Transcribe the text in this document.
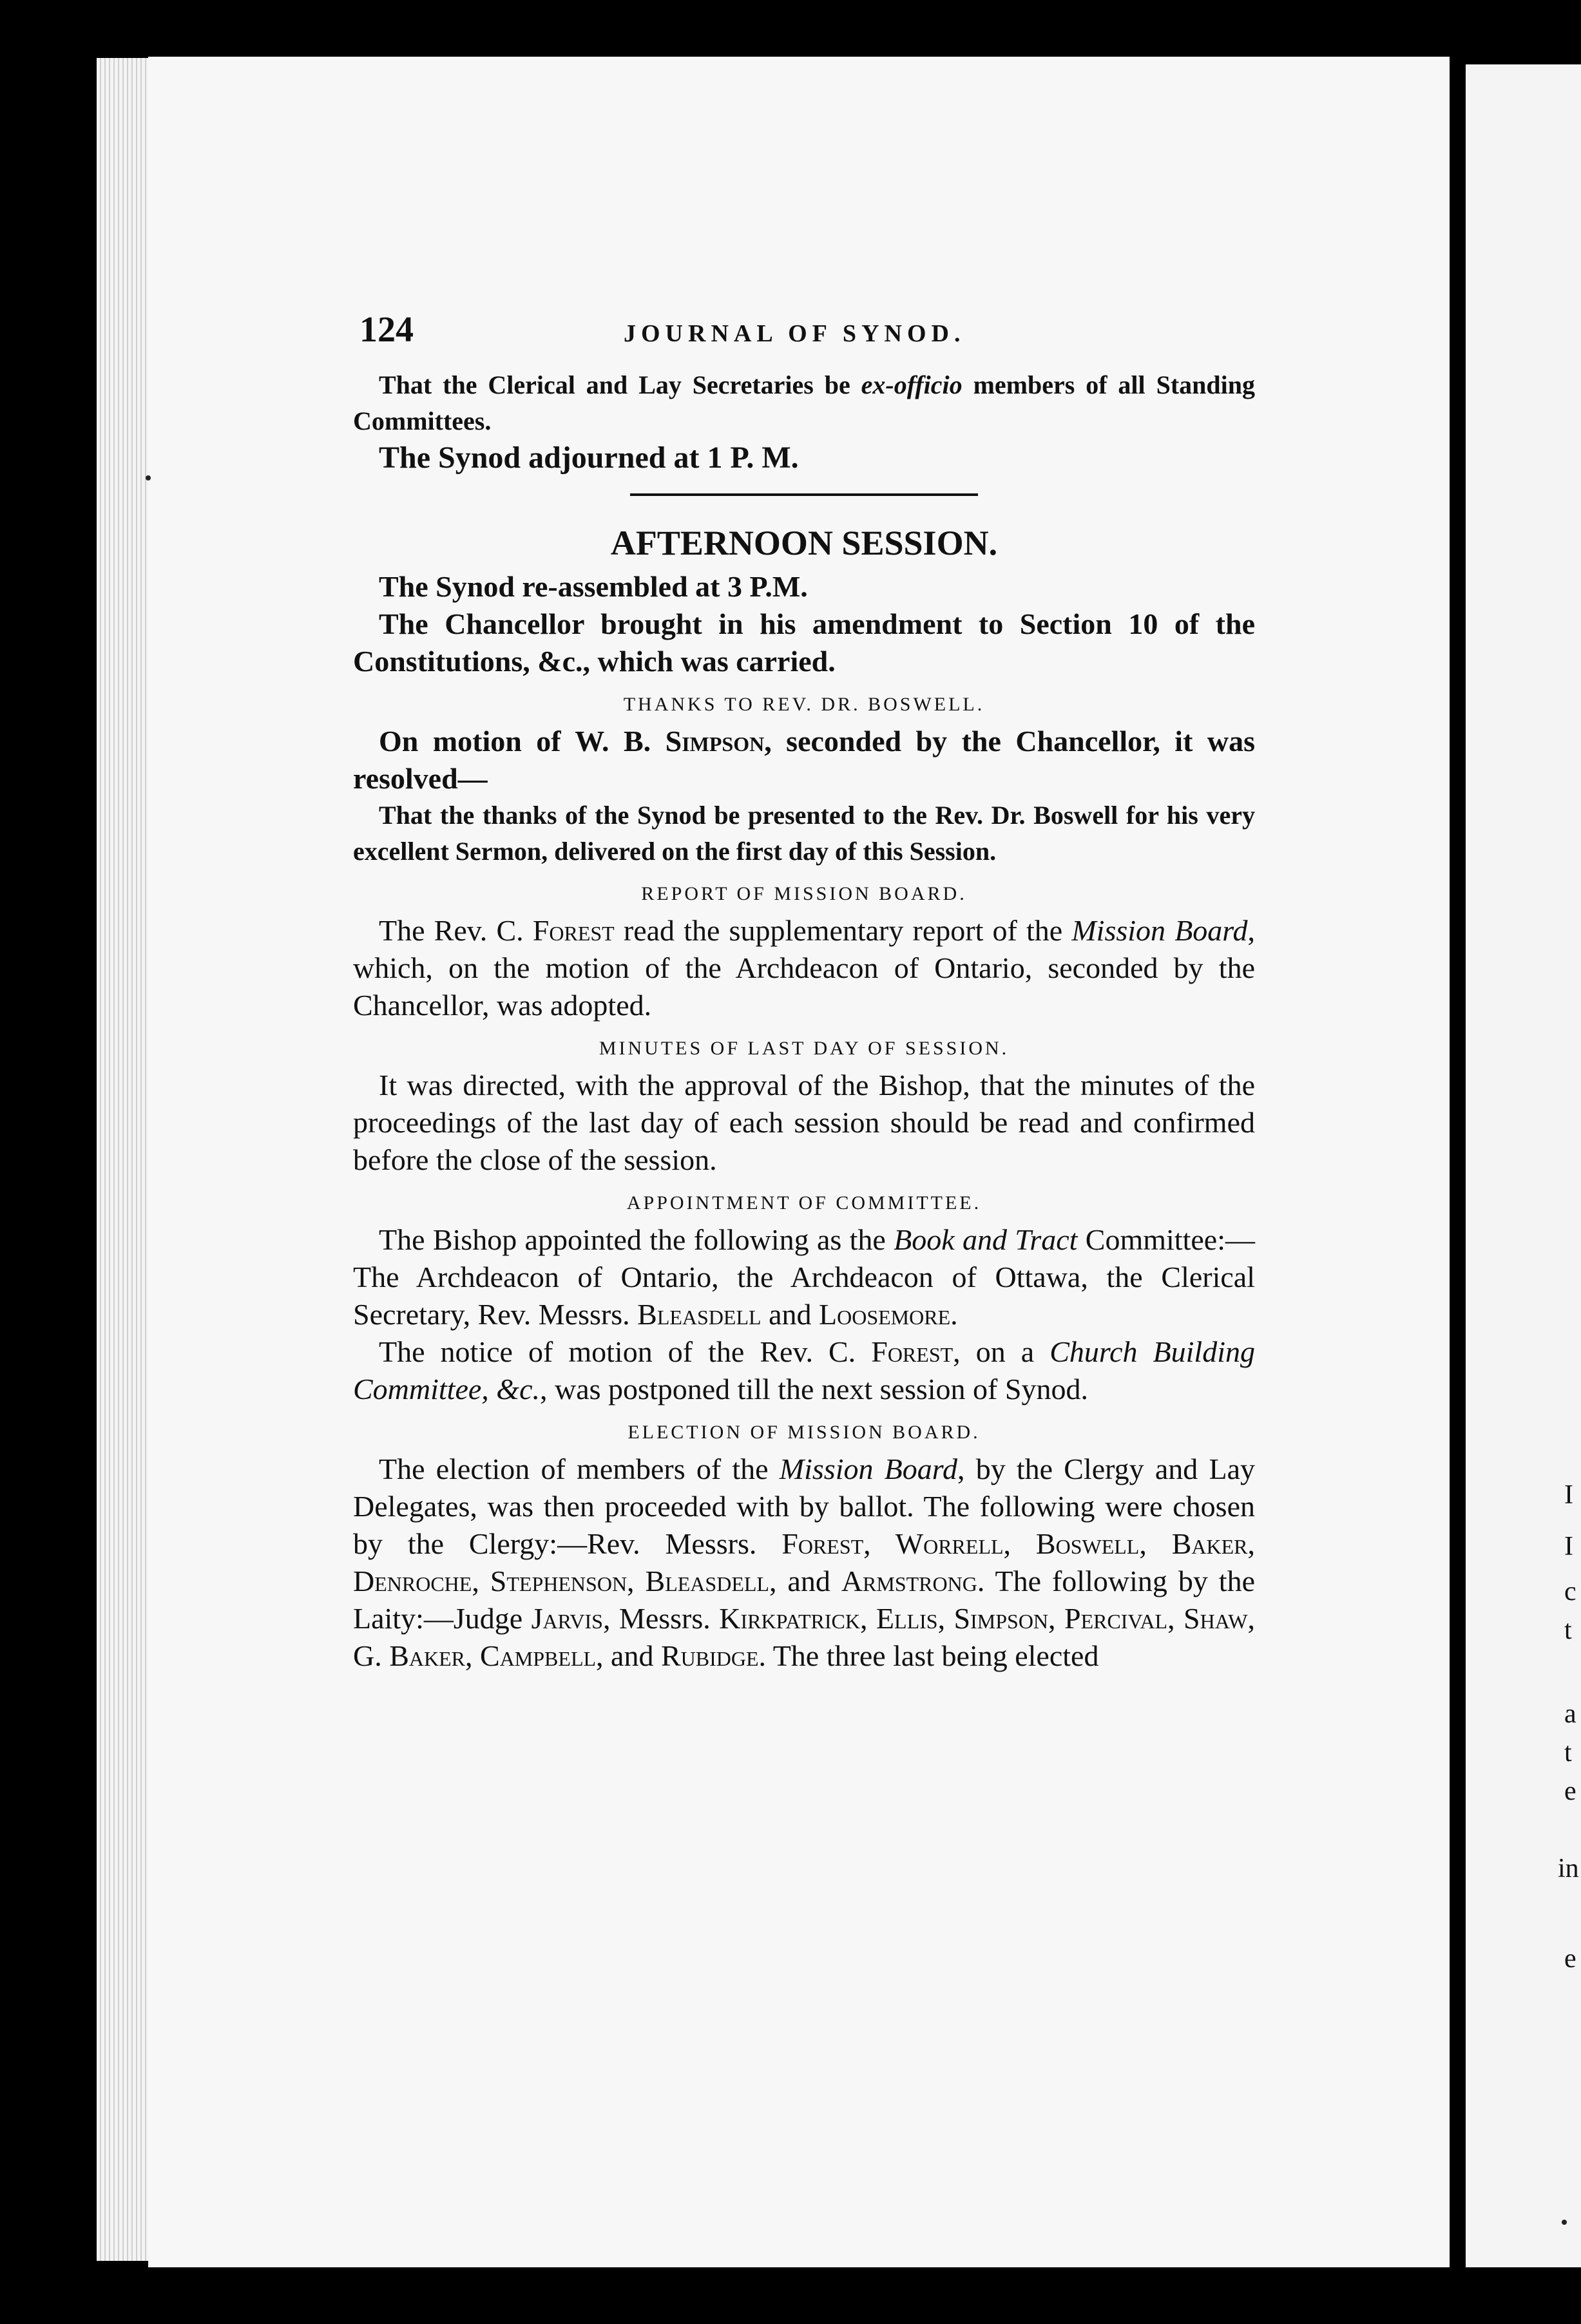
I
I
c
t
a
t
e
in
e
124	JOURNAL OF SYNOD.

That the Clerical and Lay Secretaries be ex-officio members of all Standing Committees.

The Synod adjourned at 1 P. M.

AFTERNOON SESSION.

The Synod re-assembled at 3 P.M.

The Chancellor brought in his amendment to Section 10 of the Constitutions, &c., which was carried.

THANKS TO REV. DR. BOSWELL.

On motion of W. B. Simpson, seconded by the Chancellor, it was resolved—

That the thanks of the Synod be presented to the Rev. Dr. Boswell for his very excellent Sermon, delivered on the first day of this Session.

REPORT OF MISSION BOARD.

The Rev. C. Forest read the supplementary report of the Mission Board, which, on the motion of the Archdeacon of Ontario, seconded by the Chancellor, was adopted.

MINUTES OF LAST DAY OF SESSION.

It was directed, with the approval of the Bishop, that the minutes of the proceedings of the last day of each session should be read and confirmed before the close of the session.

APPOINTMENT OF COMMITTEE.

The Bishop appointed the following as the Book and Tract Committee:—The Archdeacon of Ontario, the Archdeacon of Ottawa, the Clerical Secretary, Rev. Messrs. Bleasdell and Loosemore.

The notice of motion of the Rev. C. Forest, on a Church Building Committee, &c., was postponed till the next session of Synod.

ELECTION OF MISSION BOARD.

The election of members of the Mission Board, by the Clergy and Lay Delegates, was then proceeded with by ballot. The following were chosen by the Clergy:—Rev. Messrs. Forest, Worrell, Boswell, Baker, Denroche, Stephenson, Bleasdell, and Armstrong. The following by the Laity:—Judge Jarvis, Messrs. Kirkpatrick, Ellis, Simpson, Percival, Shaw, G. Baker, Campbell, and Rubidge. The three last being elected
